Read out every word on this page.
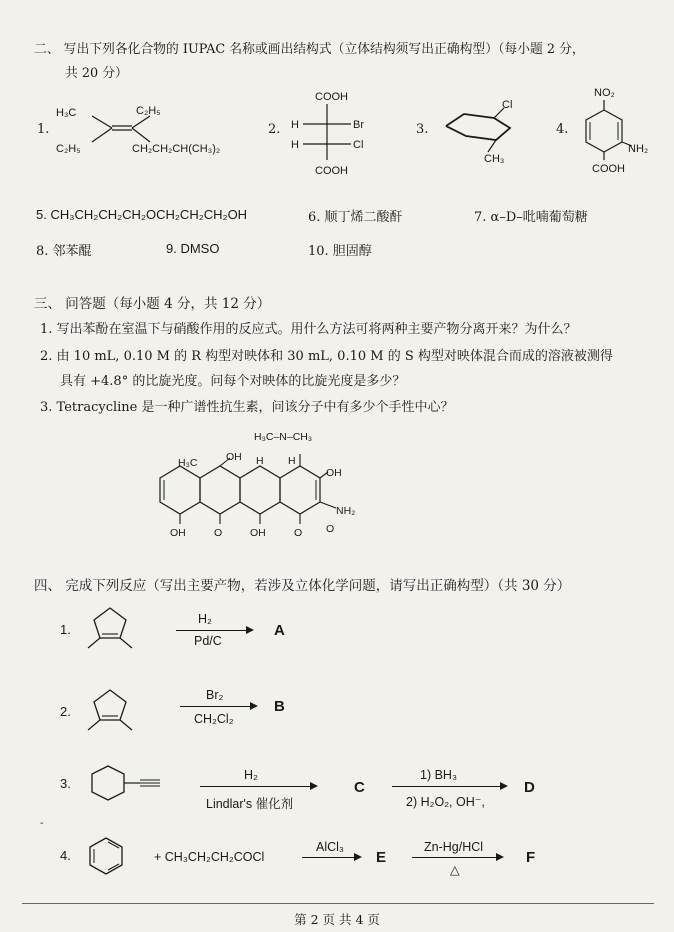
二、 写出下列各化合物的 IUPAC 名称或画出结构式（立体结构须写出正确构型）（每小题 2 分，
共 20 分）
1.
H₃C	C₂H₅
C₂H₅	CH₂CH₂CH(CH₃)₂
2.
COOH
H	Br
H	Cl
COOH
3.
Cl
CH₃
4.
NO₂
NH₂
COOH
5. CH₃CH₂CH₂CH₂OCH₂CH₂CH₂OH	6. 顺丁烯二酸酐	7. α–D–吡喃葡萄糖
8. 邻苯醌	9. DMSO	10. 胆固醇
三、 问答题（每小题 4 分，共 12 分）
1. 写出苯酚在室温下与硝酸作用的反应式。用什么方法可将两种主要产物分离开来？为什么？
2. 由 10 mL, 0.10 M 的 R 构型对映体和 30 mL, 0.10 M 的 S 构型对映体混合而成的溶液被测得
具有 +4.8° 的比旋光度。问每个对映体的比旋光度是多少？
3. Tetracycline 是一种广谱性抗生素，问该分子中有多少个手性中心？
H₃C–N–CH₃
H₃C	OH H H
OH
NH₂
OH	O	OH	O O
四、 完成下列反应（写出主要产物，若涉及立体化学问题，请写出正确构型）（共 30 分）
1.
H₂
Pd/C
A
2.
Br₂
CH₂Cl₂
B
3.
H₂
Lindlar's 催化剂
C
1) BH₃
2) H₂O₂, OH⁻,
D
-
4.	+ CH₃CH₂CH₂COCl
AlCl₃
E
Zn-Hg/HCl
△
F
第 2 页 共 4 页
